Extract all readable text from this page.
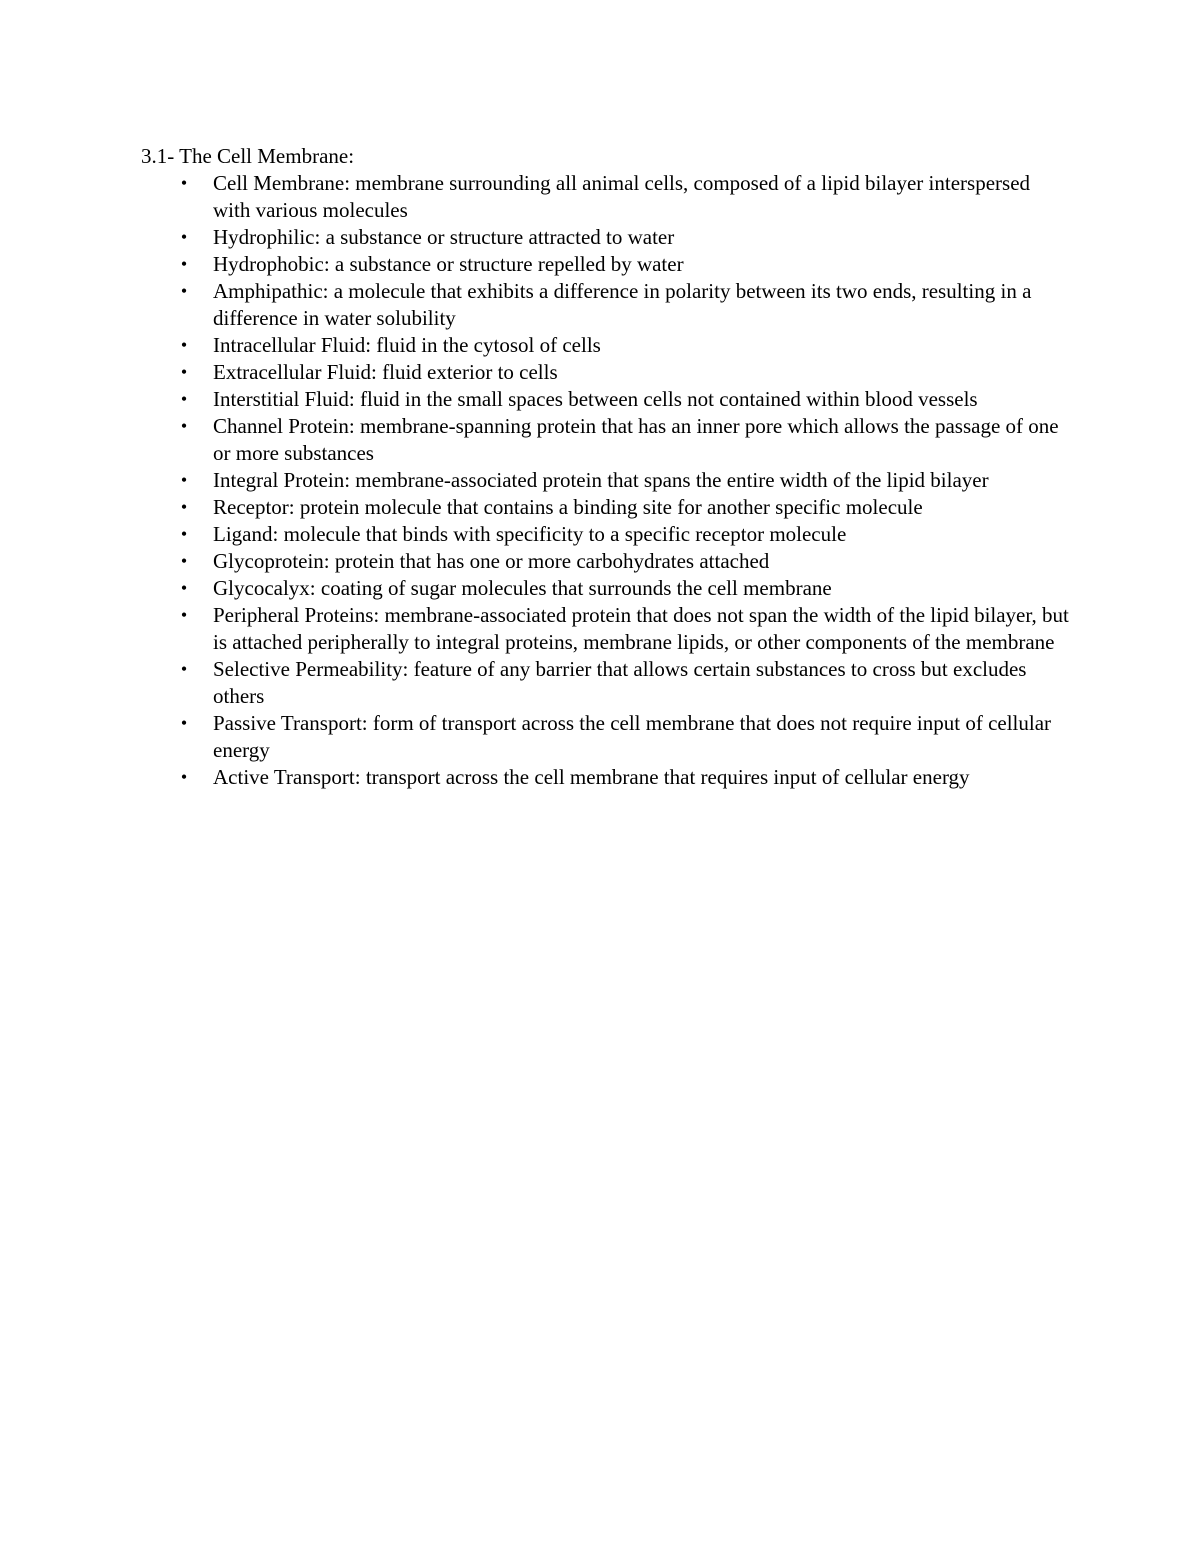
3.1- The Cell Membrane:

• Cell Membrane: membrane surrounding all animal cells, composed of a lipid bilayer interspersed with various molecules
• Hydrophilic: a substance or structure attracted to water
• Hydrophobic: a substance or structure repelled by water
• Amphipathic: a molecule that exhibits a difference in polarity between its two ends, resulting in a difference in water solubility
• Intracellular Fluid: fluid in the cytosol of cells
• Extracellular Fluid: fluid exterior to cells
• Interstitial Fluid: fluid in the small spaces between cells not contained within blood vessels
• Channel Protein: membrane-spanning protein that has an inner pore which allows the passage of one or more substances
• Integral Protein: membrane-associated protein that spans the entire width of the lipid bilayer
• Receptor: protein molecule that contains a binding site for another specific molecule
• Ligand: molecule that binds with specificity to a specific receptor molecule
• Glycoprotein: protein that has one or more carbohydrates attached
• Glycocalyx: coating of sugar molecules that surrounds the cell membrane
• Peripheral Proteins: membrane-associated protein that does not span the width of the lipid bilayer, but is attached peripherally to integral proteins, membrane lipids, or other components of the membrane
• Selective Permeability: feature of any barrier that allows certain substances to cross but excludes others
• Passive Transport: form of transport across the cell membrane that does not require input of cellular energy
• Active Transport: transport across the cell membrane that requires input of cellular energy
